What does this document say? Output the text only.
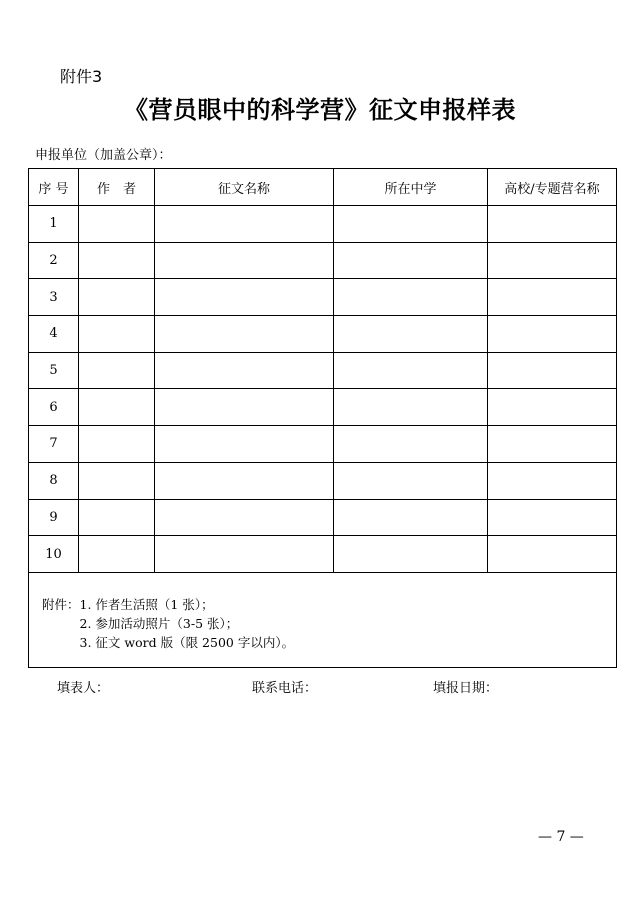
附件3
《营员眼中的科学营》征文申报样表
申报单位（加盖公章）：
序 号	作　者	征文名称	所在中学	高校/专题营名称
1				
2				
3				
4				
5				
6				
7				
8				
9				
10				

附件： 1. 作者生活照（1 张）；
2. 参加活动照片（3-5 张）；
3. 征文 word 版（限 2500 字以内）。				
填表人：	联系电话：	填报日期：
— 7 —
